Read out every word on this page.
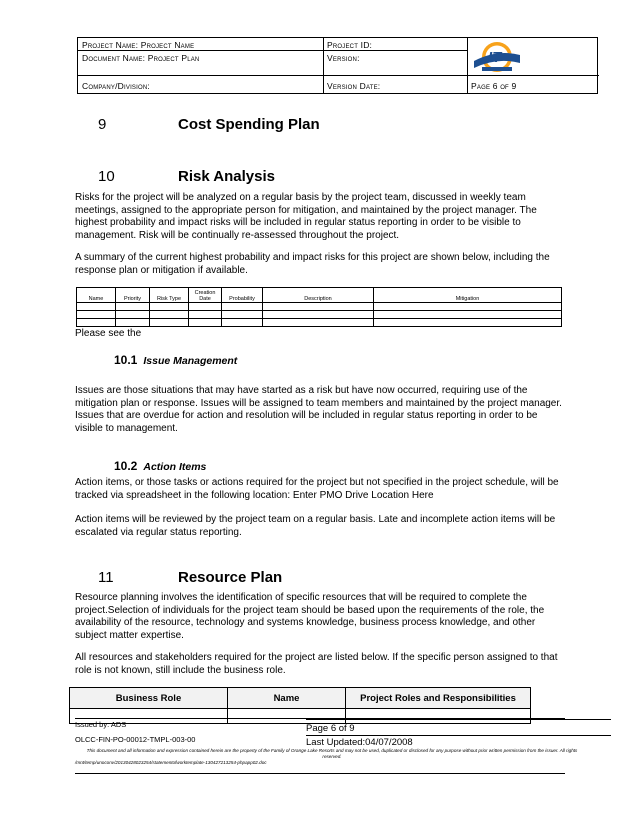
Project Name: Project Name	Project ID:
Document Name: Project Plan	Version:
Company/Division:	Version Date:	Page 6 of 9
IT
9	Cost Spending Plan
10	Risk Analysis

Risks for the project will be analyzed on a regular basis by the project team, discussed in weekly team meetings, assigned to the appropriate person for mitigation, and maintained by the project manager. The highest probability and impact risks will be included in regular status reporting in order to be visible to management. Risk will be continually re-assessed throughout the project.

A summary of the current highest probability and impact risks for this project are shown below, including the response plan or mitigation if available.

Name	Priority	Risk Type	Creation Date	Probability	Description	Mitigation

Please see the

10.1 Issue Management

Issues are those situations that may have started as a risk but have now occurred, requiring use of the mitigation plan or response. Issues will be assigned to team members and maintained by the project manager. Issues that are overdue for action and resolution will be included in regular status reporting in order to be visible to management.

10.2 Action Items

Action items, or those tasks or actions required for the project but not specified in the project schedule, will be tracked via spreadsheet in the following location: Enter PMO Drive Location Here

Action items will be reviewed by the project team on a regular basis. Late and incomplete action items will be escalated via regular status reporting.

11	Resource Plan

Resource planning involves the identification of specific resources that will be required to complete the project.Selection of individuals for the project team should be based upon the requirements of the role, the availability of the resource, technology and systems knowledge, business process knowledge, and other subject matter expertise.

All resources and stakeholders required for the project are listed below. If the specific person assigned to that role is not known, still include the business role.

Business Role	Name	Project Roles and Responsibilities

Issued by: ADS
OLCC-FIN-PO-00012-TMPL-003-00
Page 6 of 9
Last Updated:04/07/2008
This document and all information and expression contained herein are the property of the Family of Orange Lake Resorts and may not be used, duplicated or disclosed for any purpose without prior written permission from the issuer. All rights reserved.
/mnt/temp/unoconv/20130428023254/statementofworktemplate-130427213254-phpapp02.doc
